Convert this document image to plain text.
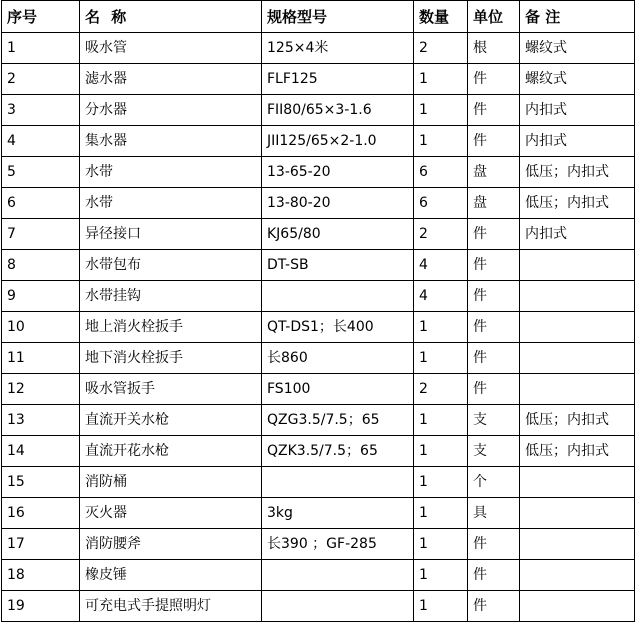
序号	名 称	规格型号	数量	单位	备 注
1	吸水管	125×4米	2	根	螺纹式
2	滤水器	FLF125	1	件	螺纹式
3	分水器	FII80/65×3-1.6	1	件	内扣式
4	集水器	JII125/65×2-1.0	1	件	内扣式
5	水带	13-65-20	6	盘	低压；内扣式
6	水带	13-80-20	6	盘	低压；内扣式
7	异径接口	KJ65/80	2	件	内扣式
8	水带包布	DT-SB	4	件	
9	水带挂钩		4	件	
10	地上消火栓扳手	QT-DS1；长400	1	件	
11	地下消火栓扳手	长860	1	件	
12	吸水管扳手	FS100	2	件	
13	直流开关水枪	QZG3.5/7.5；65	1	支	低压；内扣式
14	直流开花水枪	QZK3.5/7.5；65	1	支	低压；内扣式
15	消防桶		1	个	
16	灭火器	3kg	1	具	
17	消防腰斧	长390 ；GF-285	1	件	
18	橡皮锤		1	件	
19	可充电式手提照明灯		1	件	
